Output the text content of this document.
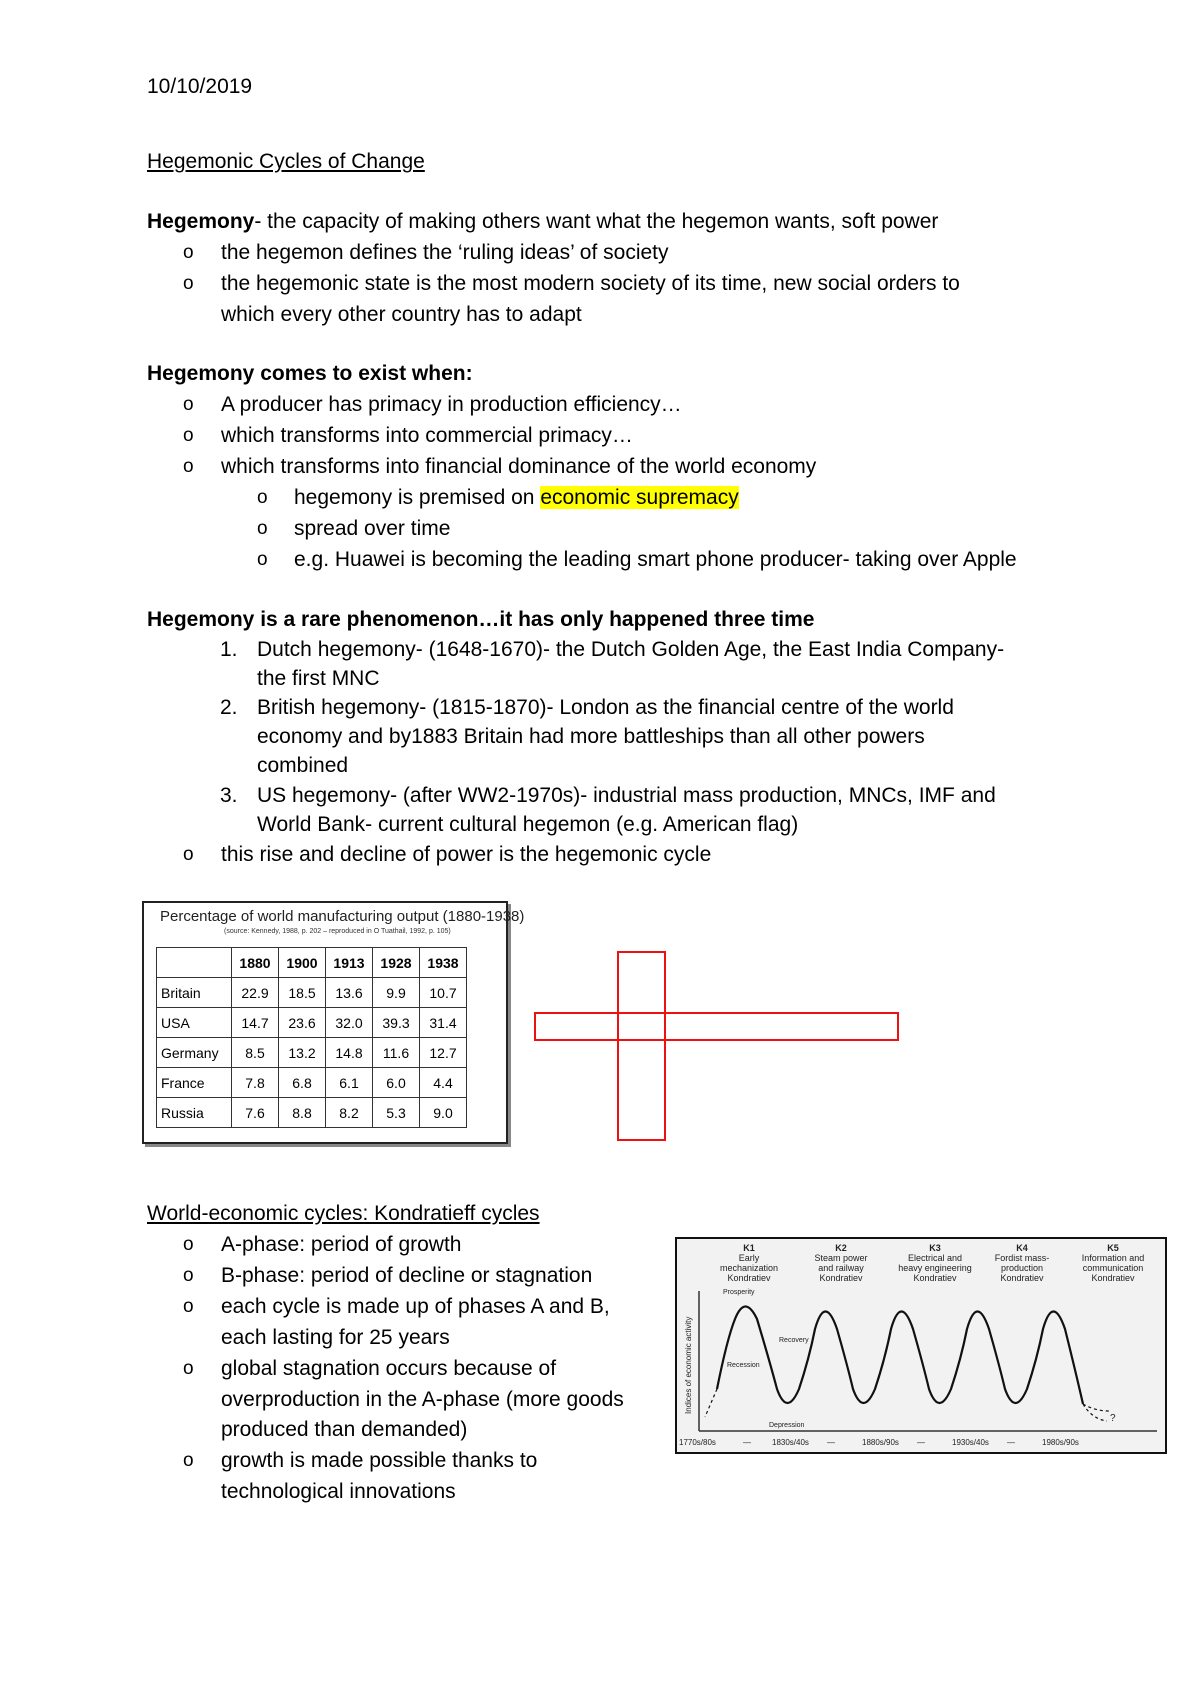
10/10/2019
Hegemonic Cycles of Change
Hegemony- the capacity of making others want what the hegemon wants, soft power
o the hegemon defines the ‘ruling ideas’ of society
o the hegemonic state is the most modern society of its time, new social orders to
which every other country has to adapt
Hegemony comes to exist when:
o A producer has primacy in production efficiency…
o which transforms into commercial primacy…
o which transforms into financial dominance of the world economy
o hegemony is premised on economic supremacy
o spread over time
o e.g. Huawei is becoming the leading smart phone producer- taking over Apple
Hegemony is a rare phenomenon…it has only happened three time
1. Dutch hegemony- (1648-1670)- the Dutch Golden Age, the East India Company-
the first MNC
2. British hegemony- (1815-1870)- London as the financial centre of the world
economy and by1883 Britain had more battleships than all other powers
combined
3. US hegemony- (after WW2-1970s)- industrial mass production, MNCs, IMF and
World Bank- current cultural hegemon (e.g. American flag)
o this rise and decline of power is the hegemonic cycle
Percentage of world manufacturing output (1880-1938)
(source: Kennedy, 1988, p. 202 – reproduced in O Tuathail, 1992, p. 105)
	1880	1900	1913	1928	1938
Britain	22.9	18.5	13.6	9.9	10.7
USA	14.7	23.6	32.0	39.3	31.4
Germany	8.5	13.2	14.8	11.6	12.7
France	7.8	6.8	6.1	6.0	4.4
Russia	7.6	8.8	8.2	5.3	9.0
World-economic cycles: Kondratieff cycles
o A-phase: period of growth
o B-phase: period of decline or stagnation
o each cycle is made up of phases A and B,
each lasting for 25 years
o global stagnation occurs because of
overproduction in the A-phase (more goods
produced than demanded)
o growth is made possible thanks to
technological innovations
K1
Early
mechanization
Kondratiev
K2
Steam power
and railway
Kondratiev
K3
Electrical and
heavy engineering
Kondratiev
K4
Fordist mass-
production
Kondratiev
K5
Information and
communication
Kondratiev
Indices of economic activity
Prosperity
Recession
Depression
Recovery
?
1770s/80s	—	1830s/40s —	1880s/90s —	1930s/40s —	1980s/90s
